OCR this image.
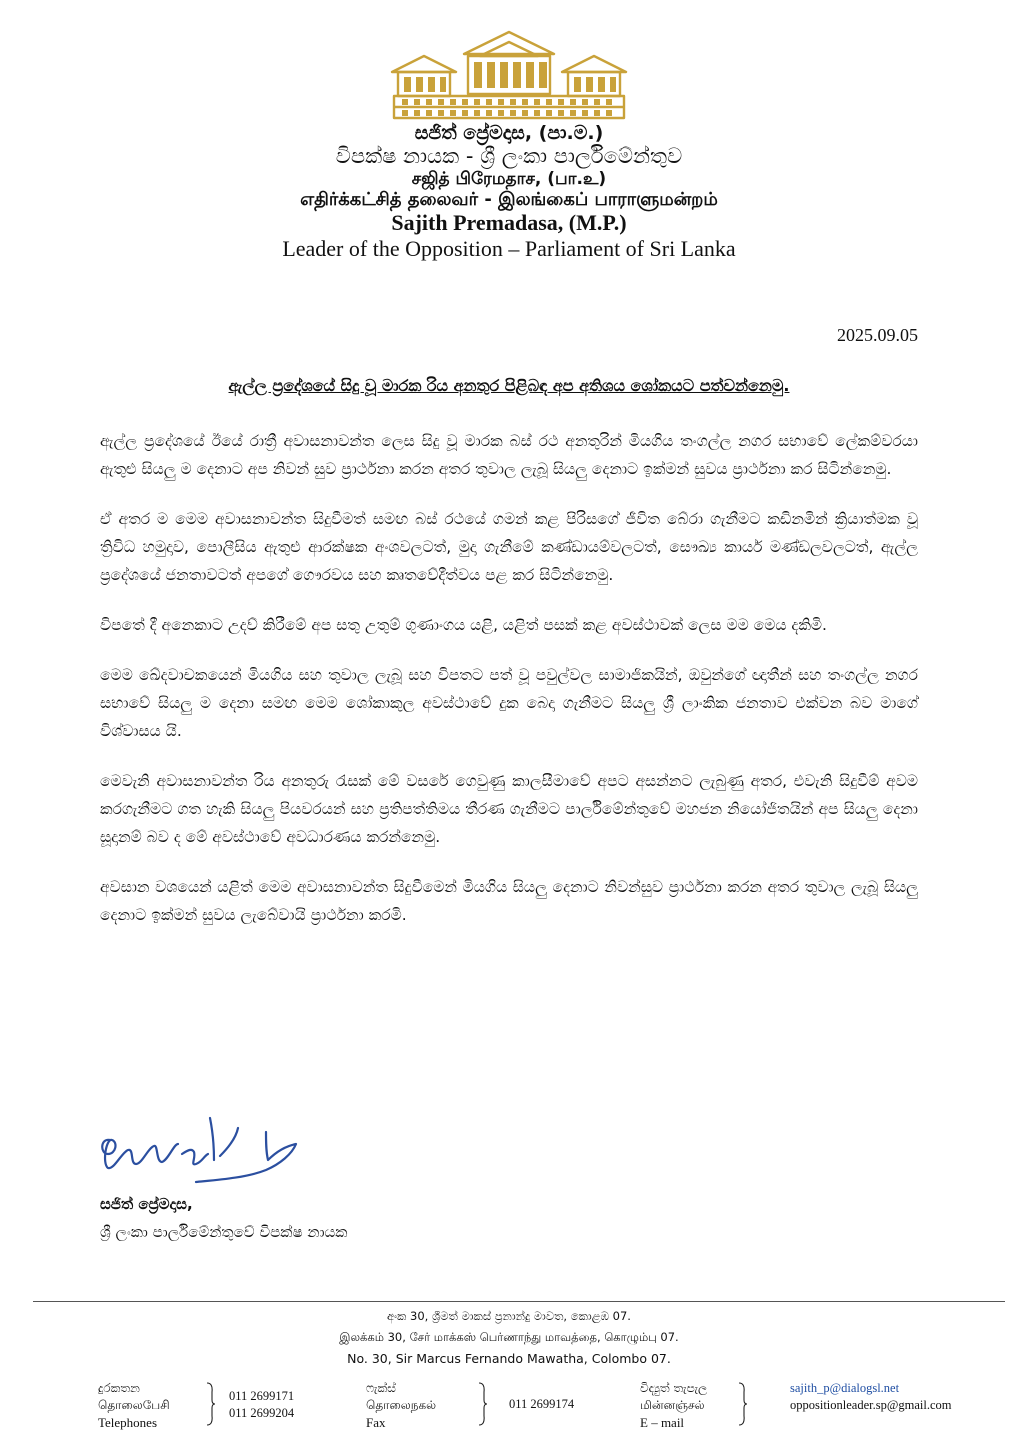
සජිත් ප්‍රේමදාස, (පා.ම.)
විපක්ෂ නායක - ශ්‍රී ලංකා පාර්ලිමේන්තුව
சஜித் பிரேமதாச, (பா.உ)
எதிர்க்கட்சித் தலைவர் - இலங்கைப் பாராளுமன்றம்
Sajith Premadasa, (M.P.)
Leader of the Opposition – Parliament of Sri Lanka
2025.09.05
ඇල්ල ප්‍රදේශයේ සිදු වූ මාරක රිය අනතුර පිළිබඳ අප අතිශය ශෝකයට පත්වන්නෙමු.

ඇල්ල ප්‍රදේශයේ ඊයේ රාත්‍රී අවාසනාවන්ත ලෙස සිදු වූ මාරක බස් රථ අනතුරින් මියගිය තංගල්ල නගර සභාවේ ලේකම්වරයා ඇතුළු සියලු ම දෙනාට අප නිවන් සුව ප්‍රාර්ථනා කරන අතර තුවාල ලැබූ සියලු දෙනාට ඉක්මන් සුවය ප්‍රාර්ථනා කර සිටින්නෙමු.

ඒ අතර ම මෙම අවාසනාවන්ත සිදුවීමත් සමඟ බස් රථයේ ගමන් කළ පිරිසගේ ජීවිත බේරා ගැනීමට කඩිනමින් ක්‍රියාත්මක වූ ත්‍රිවිධ හමුදාව, පොලීසිය ඇතුළු ආරක්ෂක අංශවලටත්, මුදා ගැනීමේ කණ්ඩායම්වලටත්, සෞඛ්‍ය කාර්ය මණ්ඩලවලටත්, ඇල්ල ප්‍රදේශයේ ජනතාවටත් අපගේ ගෞරවය සහ කෘතවේදීත්වය පළ කර සිටින්නෙමු.

විපතේ දී අනෙකාට උදව් කිරීමේ අප සතු උතුම් ගුණාංගය යළි, යළිත් පසක් කළ අවස්ථාවක් ලෙස මම මෙය දකිමි.

මෙම ඛේදවාචකයෙන් මියගිය සහ තුවාල ලැබූ සහ විපතට පත් වූ පවුල්වල සාමාජිකයින්, ඔවුන්ගේ ඥාතීන් සහ තංගල්ල නගර සභාවේ සියලු ම දෙනා සමඟ මෙම ශෝකාකුල අවස්ථාවේ දුක බෙදා ගැනීමට සියලු ශ්‍රී ලාංකික ජනතාව එක්වන බව මාගේ විශ්වාසය යි.

මෙවැනි අවාසනාවන්ත රිය අනතුරු රැසක් මේ වසරේ ගෙවුණු කාලසීමාවේ අපට අසන්නට ලැබුණු අතර, එවැනි සිදුවීම් අවම කරගැනීමට ගත හැකි සියලු පියවරයන් සහ ප්‍රතිපත්තිමය තීරණ ගැනීමට පාර්ලිමේන්තුවේ මහජන නියෝජිතයින් අප සියලු දෙනා සූදානම් බව ද මේ අවස්ථාවේ අවධාරණය කරන්නෙමු.

අවසාන වශයෙන් යළිත් මෙම අවාසනාවන්ත සිදුවීමෙන් මියගිය සියලු දෙනාට නිවන්සුව ප්‍රාර්ථනා කරන අතර තුවාල ලැබූ සියලු දෙනාට ඉක්මන් සුවය ලැබේවායි ප්‍රාර්ථනා කරමි.

සජිත් ප්‍රේමදාස,
ශ්‍රී ලංකා පාර්ලිමේන්තුවේ විපක්ෂ නායක
අංක 30, ශ්‍රීමත් මාකස් ප්‍රනාන්දු මාවත, කොළඹ 07.
இலக்கம் 30, சேர் மாக்கஸ் பெர்ணாந்து மாவத்தை, கொழும்பு 07.
No. 30, Sir Marcus Fernando Mawatha, Colombo 07.
දුරකතන
தொலைபேசி
Telephones
011 2699171
011 2699204
ෆැක්ස්
தொலைநகல்
Fax
011 2699174
විද්‍යුත් තැපැල
மின்னஞ்சல்
E – mail
sajith_p@dialogsl.net
oppositionleader.sp@gmail.com
